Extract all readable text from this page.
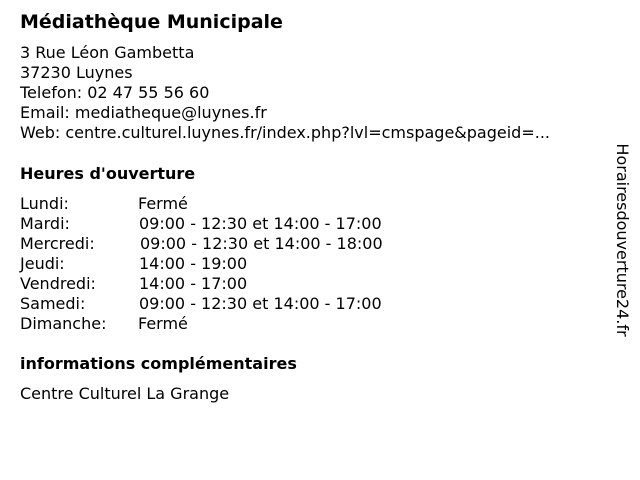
Médiathèque Municipale
3 Rue Léon Gambetta
37230 Luynes
Telefon: 02 47 55 56 60
Email: mediatheque@luynes.fr
Web: centre.culturel.luynes.fr/index.php?lvl=cmspage&pageid=...
Heures d'ouverture
Lundi:	Fermé
Mardi:	09:00 - 12:30 et 14:00 - 17:00
Mercredi:	09:00 - 12:30 et 14:00 - 18:00
Jeudi:	14:00 - 19:00
Vendredi:	14:00 - 17:00
Samedi:	09:00 - 12:30 et 14:00 - 17:00
Dimanche: Fermé
informations complémentaires
Centre Culturel La Grange
Horairesdouverture24.fr
